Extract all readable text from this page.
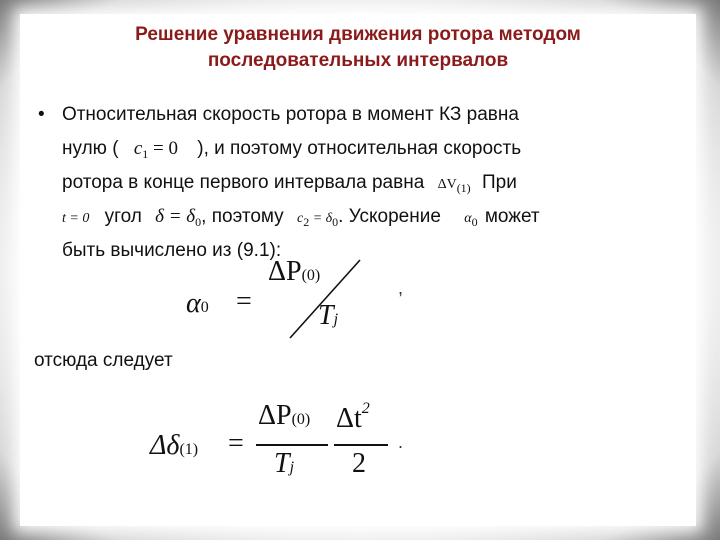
Решение уравнения движения ротора методом
последовательных интервалов
• Относительная скорость ротора в момент КЗ равна
нулю ( $c_1 = 0$ ), и поэтому относительная скорость
ротора в конце первого интервала равна ΔV(1) При
t = 0 угол $\delta = \delta_0$, поэтому c2 = δ0. Ускорение α0 может
быть вычислено из (9.1):
α0 =
ΔP(0)
Tj
,
отсюда следует
Δδ(1) =
ΔP(0)
Tj
$\Delta t^2$
2
.
